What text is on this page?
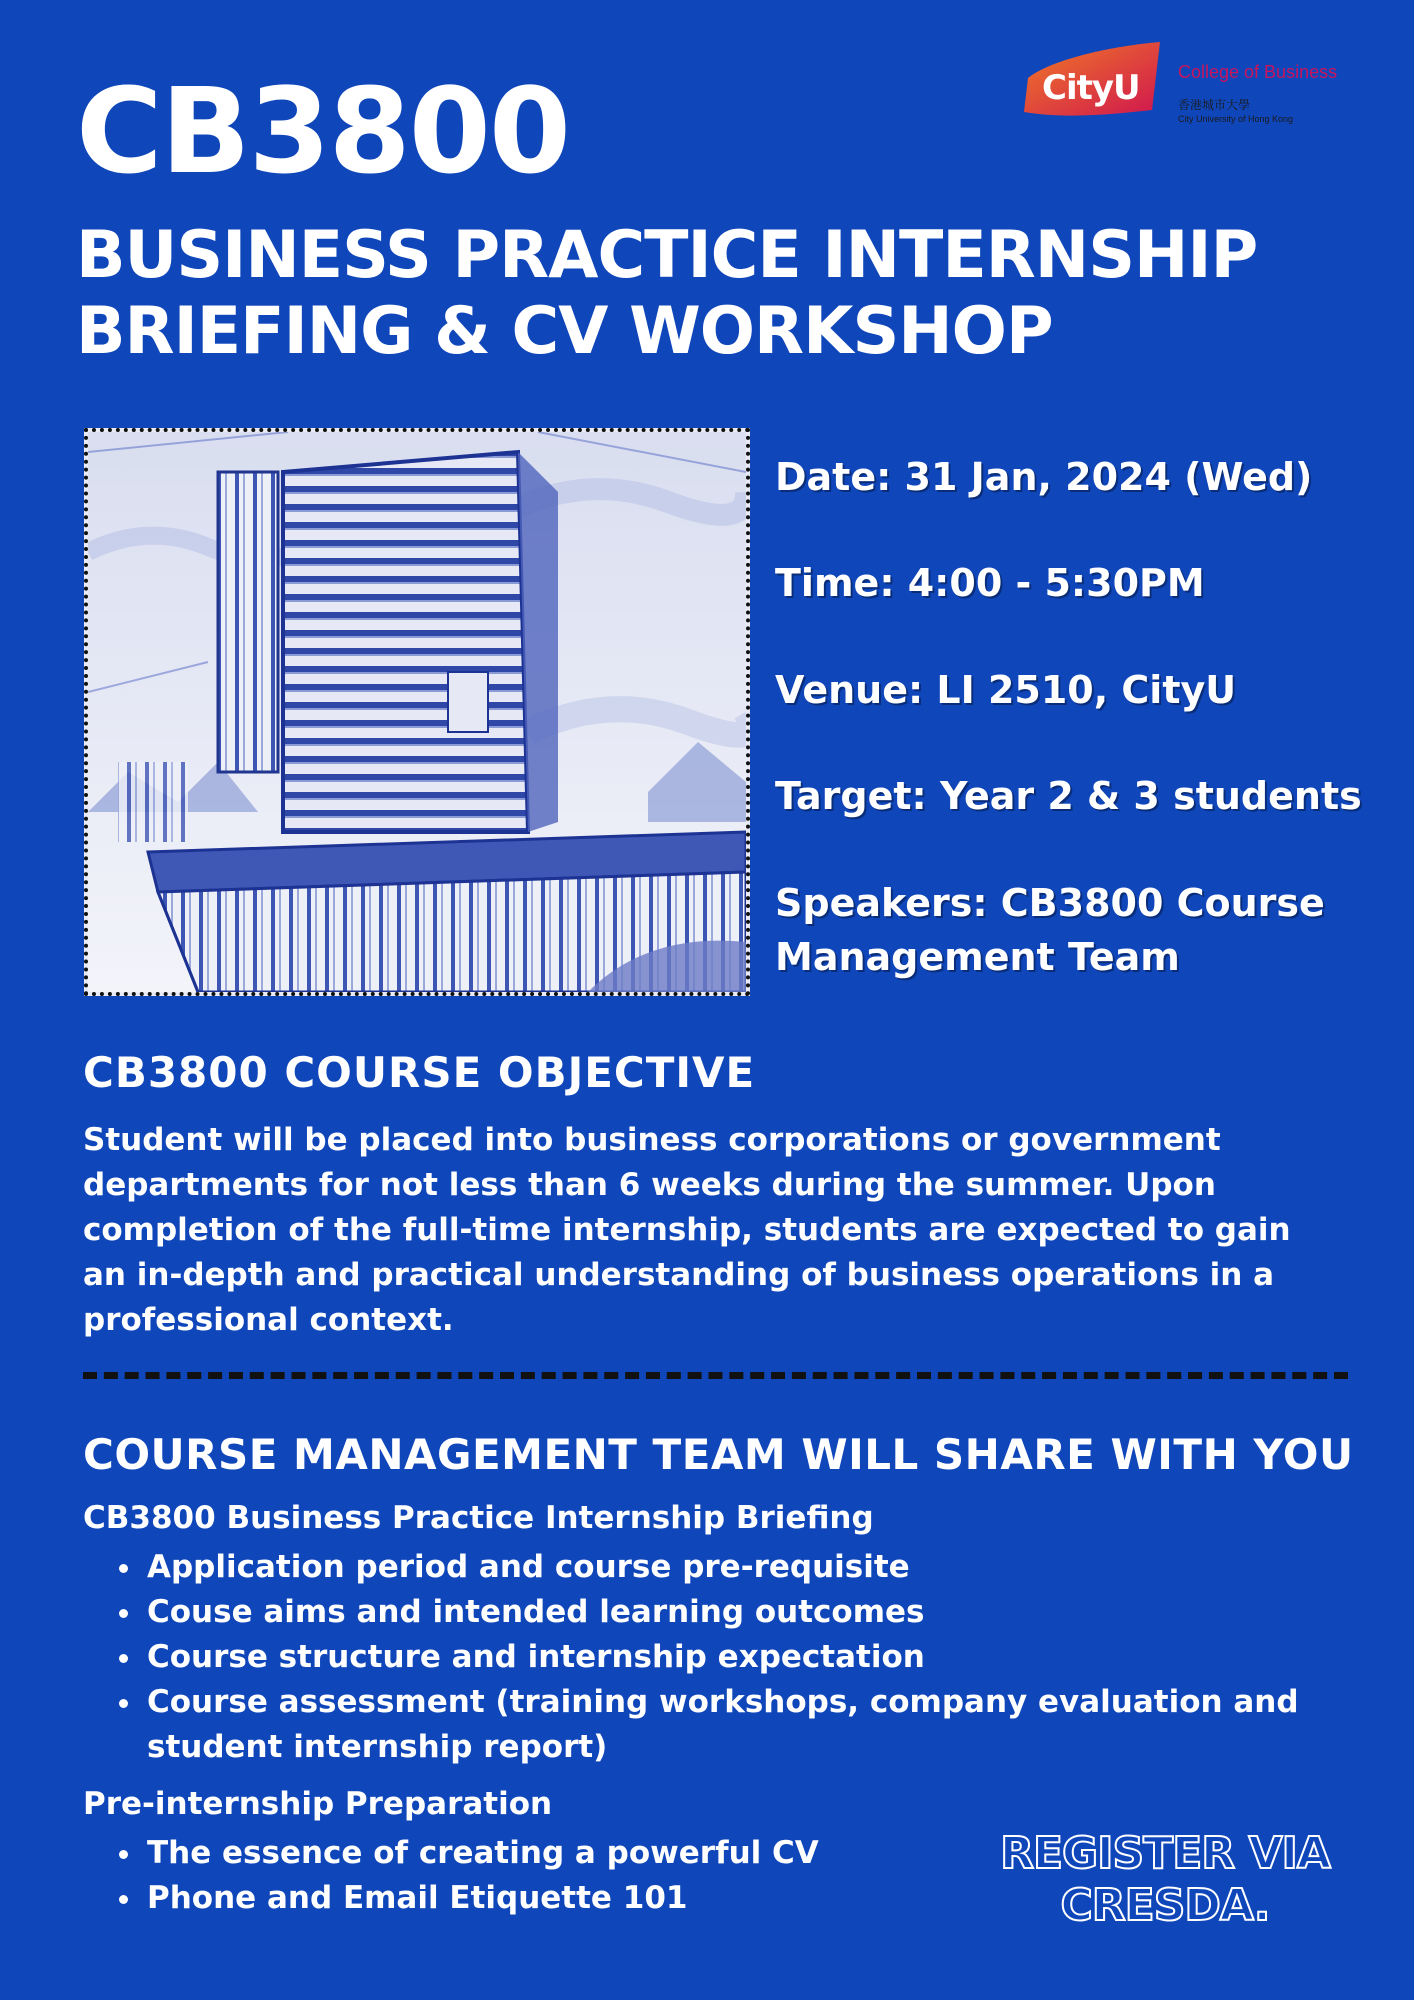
CityU	College of Business
香港城市大學
City University of Hong Kong
CB3800
BUSINESS PRACTICE INTERNSHIP
BRIEFING & CV WORKSHOP
Date: 31 Jan, 2024 (Wed)
Time: 4:00 - 5:30PM
Venue: LI 2510, CityU
Target: Year 2 & 3 students
Speakers: CB3800 Course
Management Team
CB3800 COURSE OBJECTIVE
Student will be placed into business corporations or government
departments for not less than 6 weeks during the summer. Upon
completion of the full-time internship, students are expected to gain
an in-depth and practical understanding of business operations in a
professional context.
COURSE MANAGEMENT TEAM WILL SHARE WITH YOU
CB3800 Business Practice Internship Briefing
Application period and course pre-requisite
Couse aims and intended learning outcomes
Course structure and internship expectation
Course assessment (training workshops, company evaluation and
student internship report)
Pre-internship Preparation
The essence of creating a powerful CV
Phone and Email Etiquette 101
REGISTER VIA
CRESDA.
